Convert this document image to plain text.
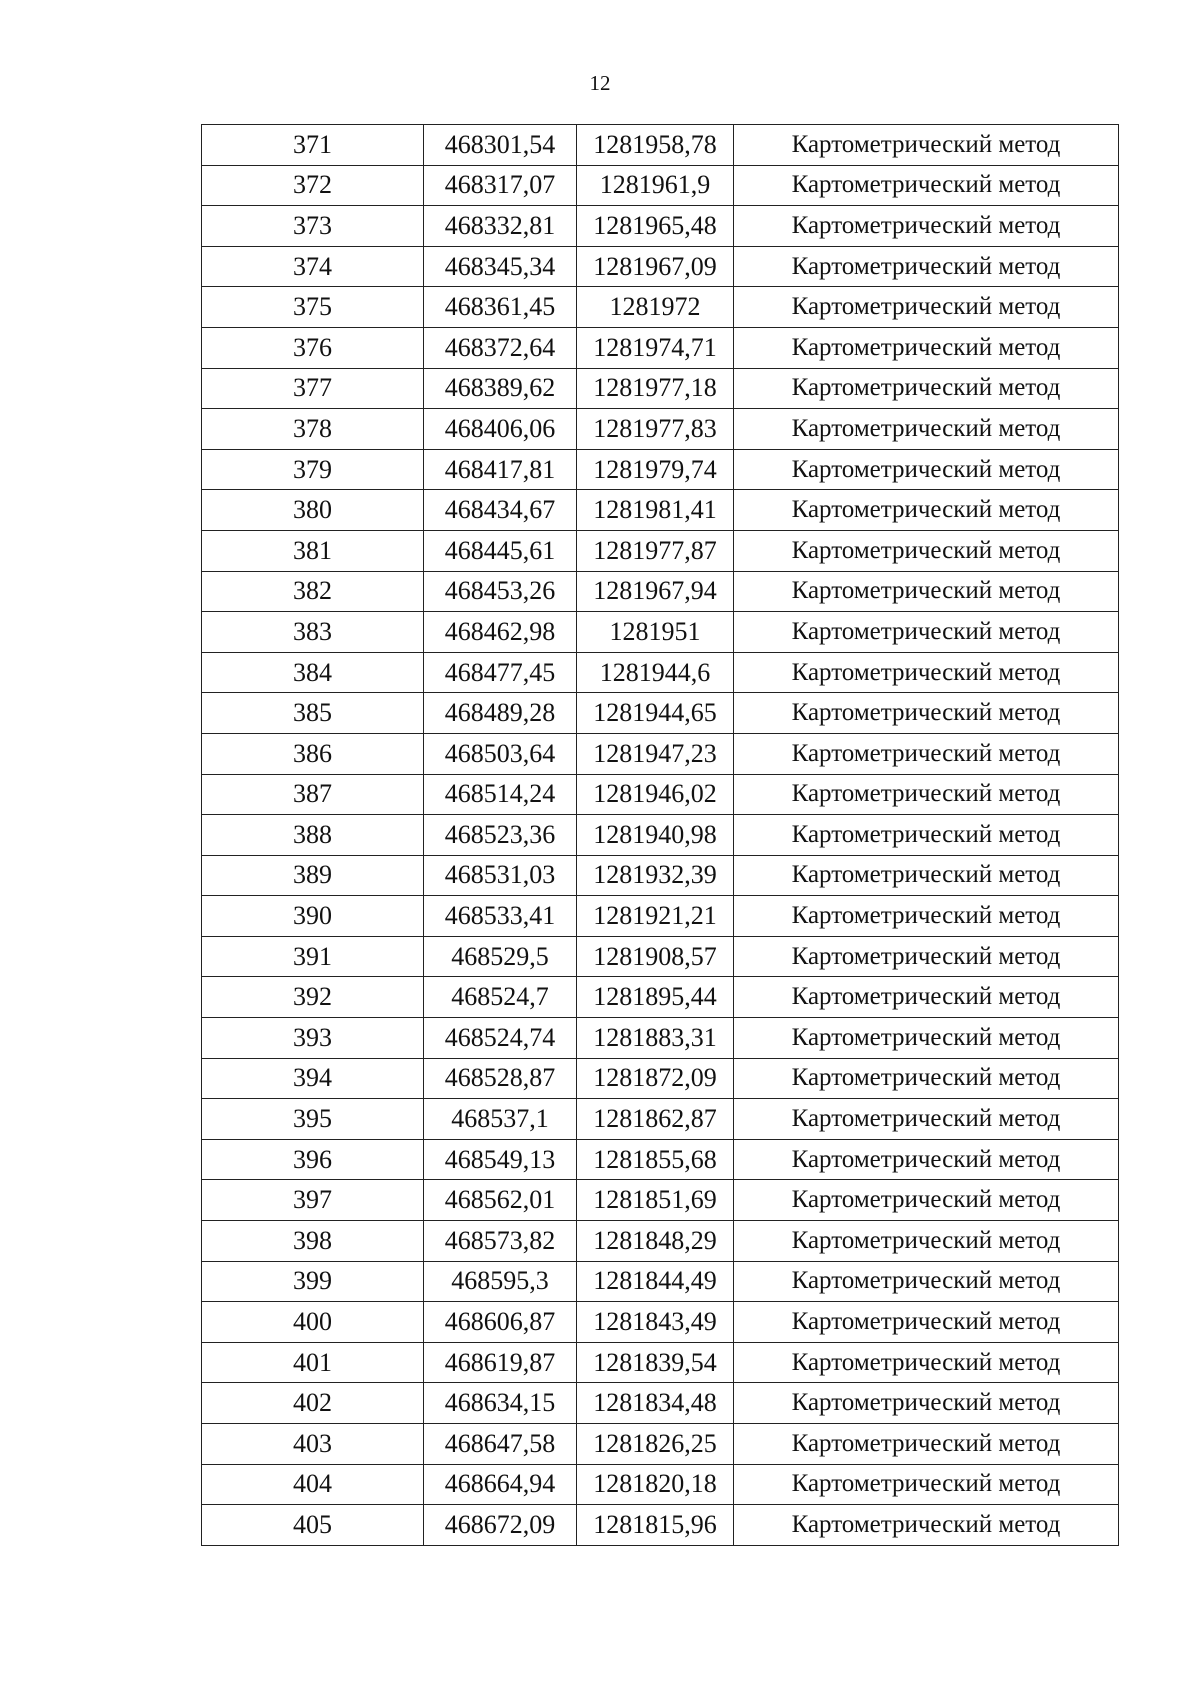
12
371	468301,54	1281958,78	Картометрический метод
372	468317,07	1281961,9	Картометрический метод
373	468332,81	1281965,48	Картометрический метод
374	468345,34	1281967,09	Картометрический метод
375	468361,45	1281972	Картометрический метод
376	468372,64	1281974,71	Картометрический метод
377	468389,62	1281977,18	Картометрический метод
378	468406,06	1281977,83	Картометрический метод
379	468417,81	1281979,74	Картометрический метод
380	468434,67	1281981,41	Картометрический метод
381	468445,61	1281977,87	Картометрический метод
382	468453,26	1281967,94	Картометрический метод
383	468462,98	1281951	Картометрический метод
384	468477,45	1281944,6	Картометрический метод
385	468489,28	1281944,65	Картометрический метод
386	468503,64	1281947,23	Картометрический метод
387	468514,24	1281946,02	Картометрический метод
388	468523,36	1281940,98	Картометрический метод
389	468531,03	1281932,39	Картометрический метод
390	468533,41	1281921,21	Картометрический метод
391	468529,5	1281908,57	Картометрический метод
392	468524,7	1281895,44	Картометрический метод
393	468524,74	1281883,31	Картометрический метод
394	468528,87	1281872,09	Картометрический метод
395	468537,1	1281862,87	Картометрический метод
396	468549,13	1281855,68	Картометрический метод
397	468562,01	1281851,69	Картометрический метод
398	468573,82	1281848,29	Картометрический метод
399	468595,3	1281844,49	Картометрический метод
400	468606,87	1281843,49	Картометрический метод
401	468619,87	1281839,54	Картометрический метод
402	468634,15	1281834,48	Картометрический метод
403	468647,58	1281826,25	Картометрический метод
404	468664,94	1281820,18	Картометрический метод
405	468672,09	1281815,96	Картометрический метод
